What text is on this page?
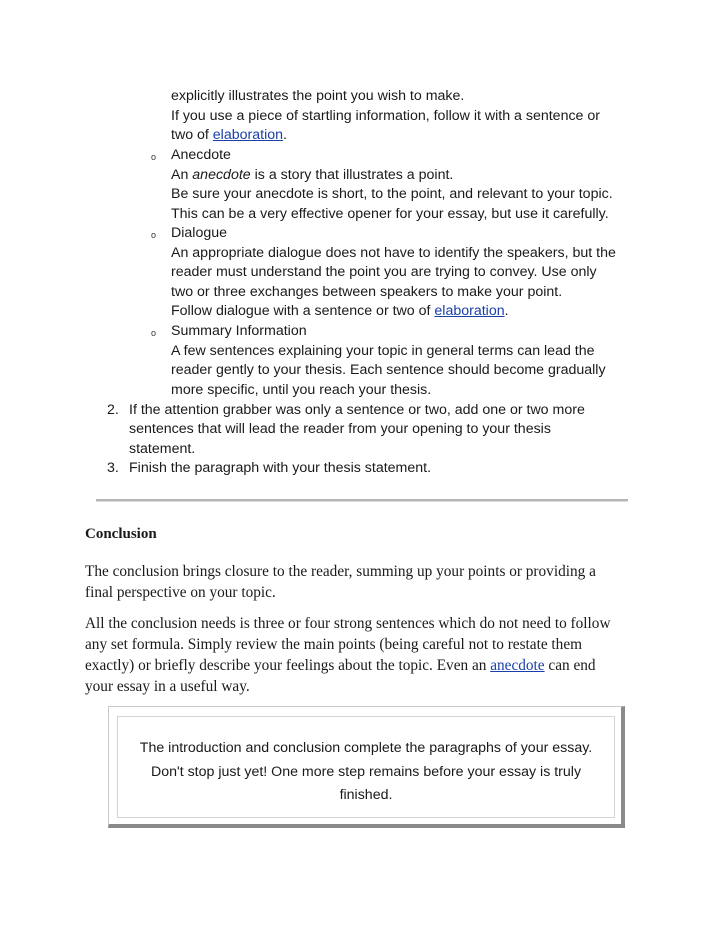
explicitly illustrates the point you wish to make.
If you use a piece of startling information, follow it with a sentence or
two of elaboration.
o Anecdote
An anecdote is a story that illustrates a point.
Be sure your anecdote is short, to the point, and relevant to your topic.
This can be a very effective opener for your essay, but use it carefully.
o Dialogue
An appropriate dialogue does not have to identify the speakers, but the
reader must understand the point you are trying to convey. Use only
two or three exchanges between speakers to make your point.
Follow dialogue with a sentence or two of elaboration.
o Summary Information
A few sentences explaining your topic in general terms can lead the
reader gently to your thesis. Each sentence should become gradually
more specific, until you reach your thesis.
2. If the attention grabber was only a sentence or two, add one or two more
sentences that will lead the reader from your opening to your thesis
statement.
3. Finish the paragraph with your thesis statement.
Conclusion
The conclusion brings closure to the reader, summing up your points or providing a
final perspective on your topic.
All the conclusion needs is three or four strong sentences which do not need to follow
any set formula. Simply review the main points (being careful not to restate them
exactly) or briefly describe your feelings about the topic. Even an anecdote can end
your essay in a useful way.
The introduction and conclusion complete the paragraphs of your essay.
Don't stop just yet! One more step remains before your essay is truly
finished.
